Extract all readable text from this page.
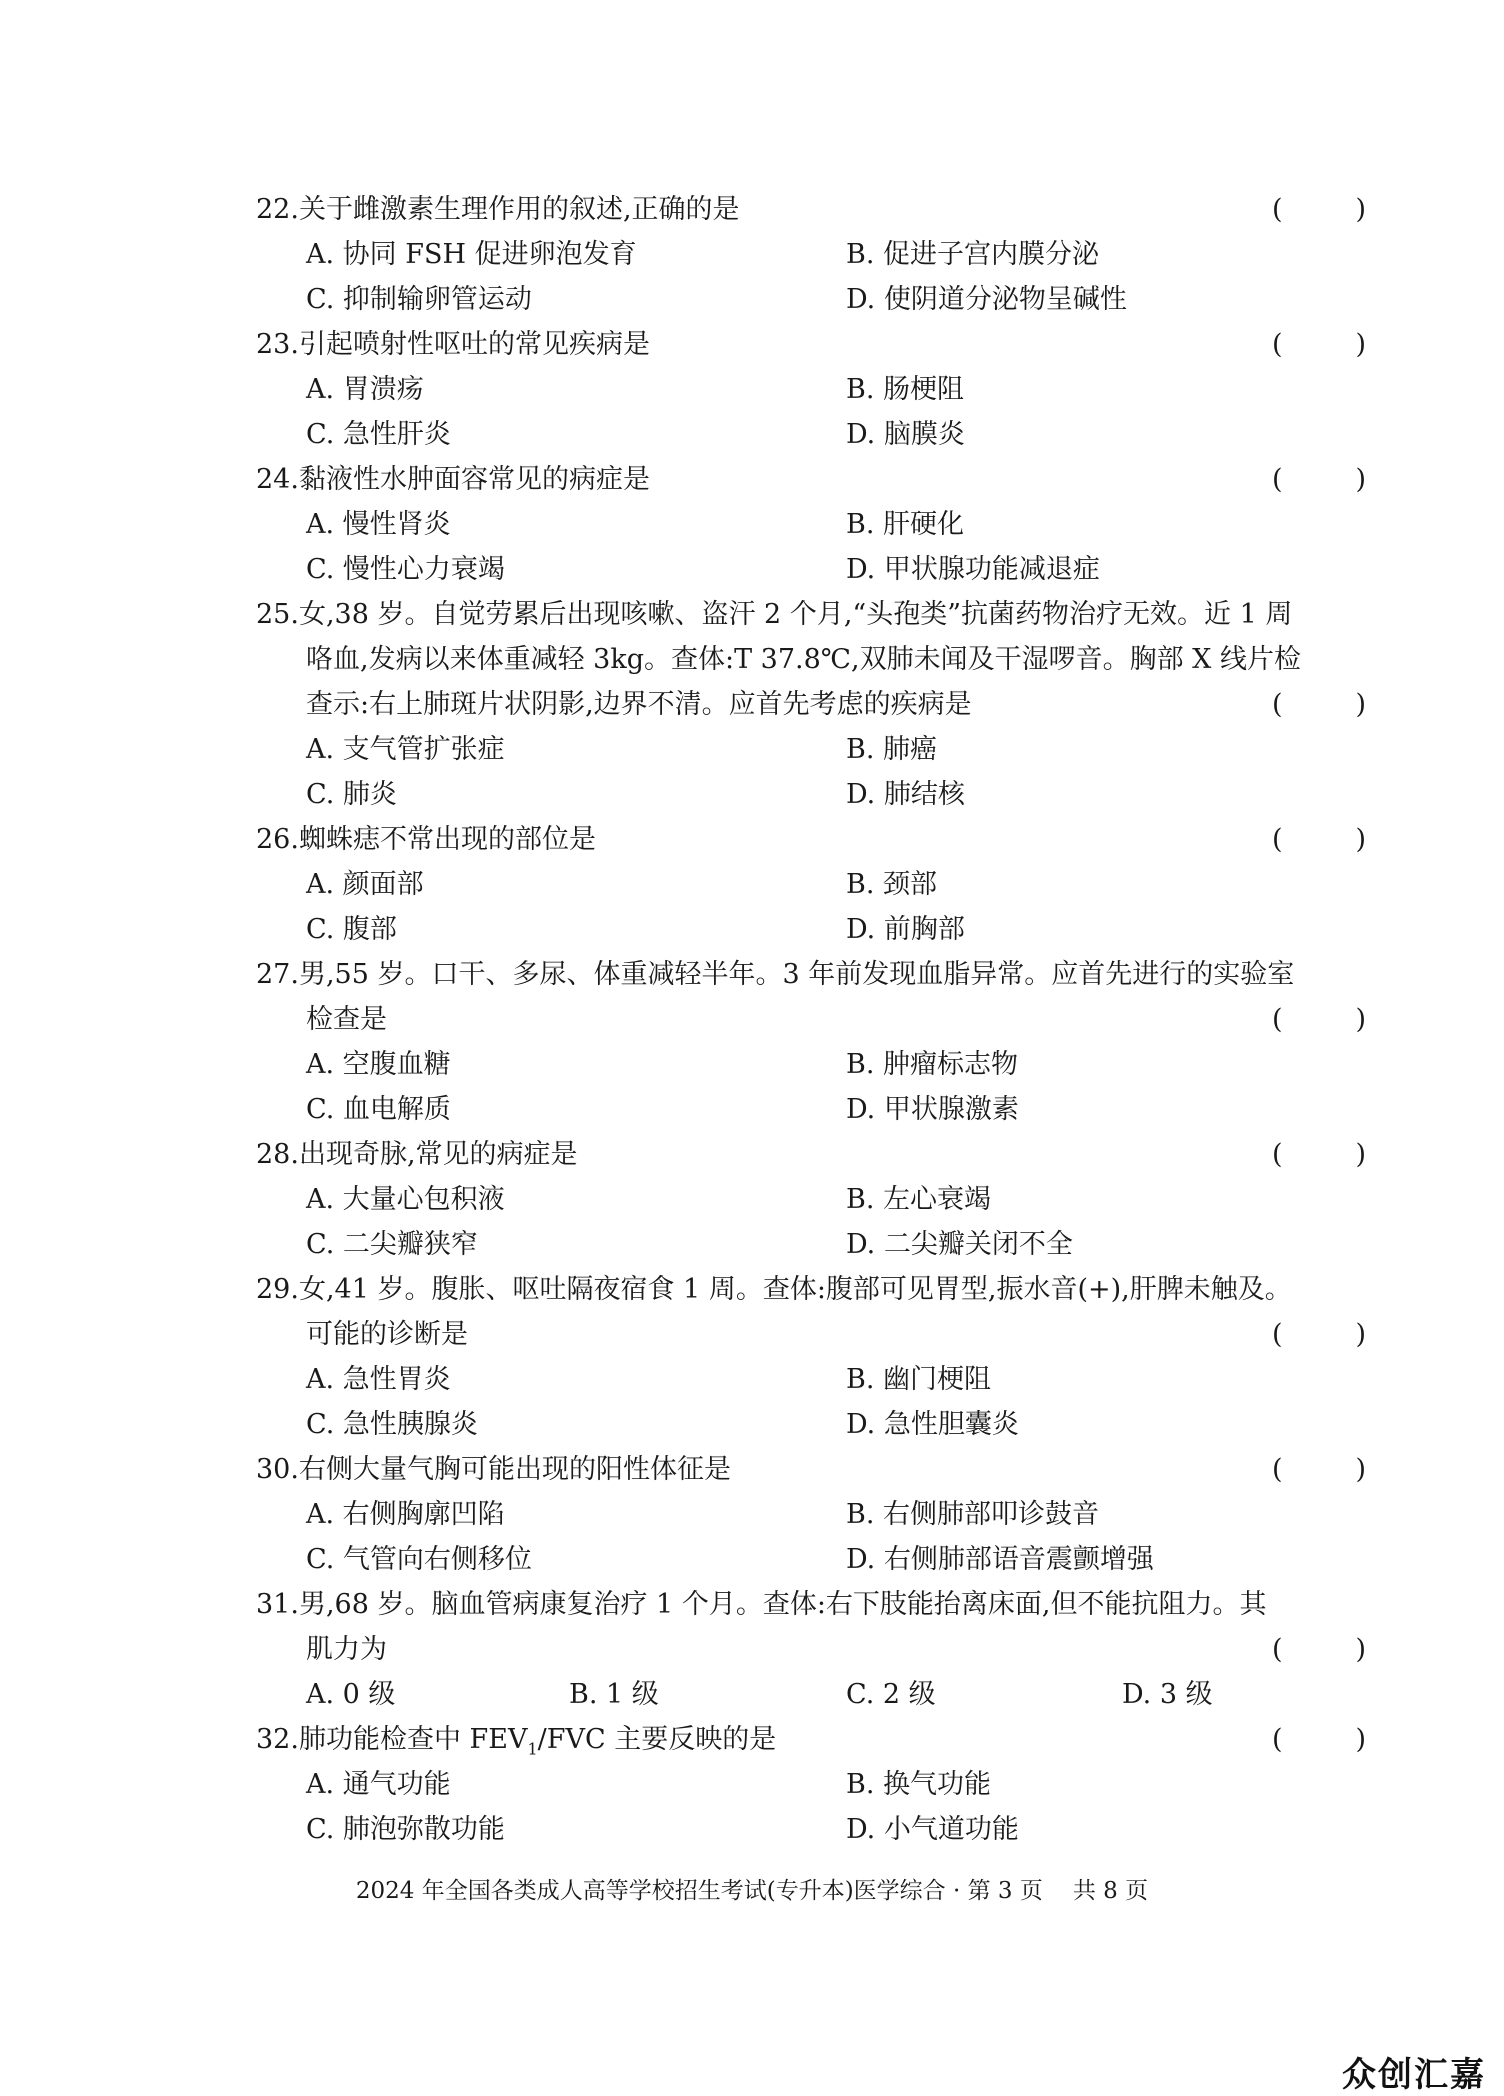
22.关于雌激素生理作用的叙述,正确的是	(	)
A. 协同 FSH 促进卵泡发育	B. 促进子宫内膜分泌
C. 抑制输卵管运动	D. 使阴道分泌物呈碱性
23.引起喷射性呕吐的常见疾病是	(	)
A. 胃溃疡	B. 肠梗阻
C. 急性肝炎	D. 脑膜炎
24.黏液性水肿面容常见的病症是	(	)
A. 慢性肾炎	B. 肝硬化
C. 慢性心力衰竭	D. 甲状腺功能减退症
25.女,38 岁。自觉劳累后出现咳嗽、盗汗 2 个月,“头孢类”抗菌药物治疗无效。近 1 周
咯血,发病以来体重减轻 3kg。查体:T 37.8℃,双肺未闻及干湿啰音。胸部 X 线片检
查示:右上肺斑片状阴影,边界不清。应首先考虑的疾病是	(	)
A. 支气管扩张症	B. 肺癌
C. 肺炎	D. 肺结核
26.蜘蛛痣不常出现的部位是	(	)
A. 颜面部	B. 颈部
C. 腹部	D. 前胸部
27.男,55 岁。口干、多尿、体重减轻半年。3 年前发现血脂异常。应首先进行的实验室
检查是	(	)
A. 空腹血糖	B. 肿瘤标志物
C. 血电解质	D. 甲状腺激素
28.出现奇脉,常见的病症是	(	)
A. 大量心包积液	B. 左心衰竭
C. 二尖瓣狭窄	D. 二尖瓣关闭不全
29.女,41 岁。腹胀、呕吐隔夜宿食 1 周。查体:腹部可见胃型,振水音(+),肝脾未触及。
可能的诊断是	(	)
A. 急性胃炎	B. 幽门梗阻
C. 急性胰腺炎	D. 急性胆囊炎
30.右侧大量气胸可能出现的阳性体征是	(	)
A. 右侧胸廓凹陷	B. 右侧肺部叩诊鼓音
C. 气管向右侧移位	D. 右侧肺部语音震颤增强
31.男,68 岁。脑血管病康复治疗 1 个月。查体:右下肢能抬离床面,但不能抗阻力。其
肌力为	(	)
A. 0 级	B. 1 级	C. 2 级	D. 3 级
32.肺功能检查中 $FEV_1$/FVC 主要反映的是	(	)
A. 通气功能	B. 换气功能
C. 肺泡弥散功能	D. 小气道功能
2024 年全国各类成人高等学校招生考试(专升本)医学综合 · 第 3 页 共 8 页
众创汇嘉
